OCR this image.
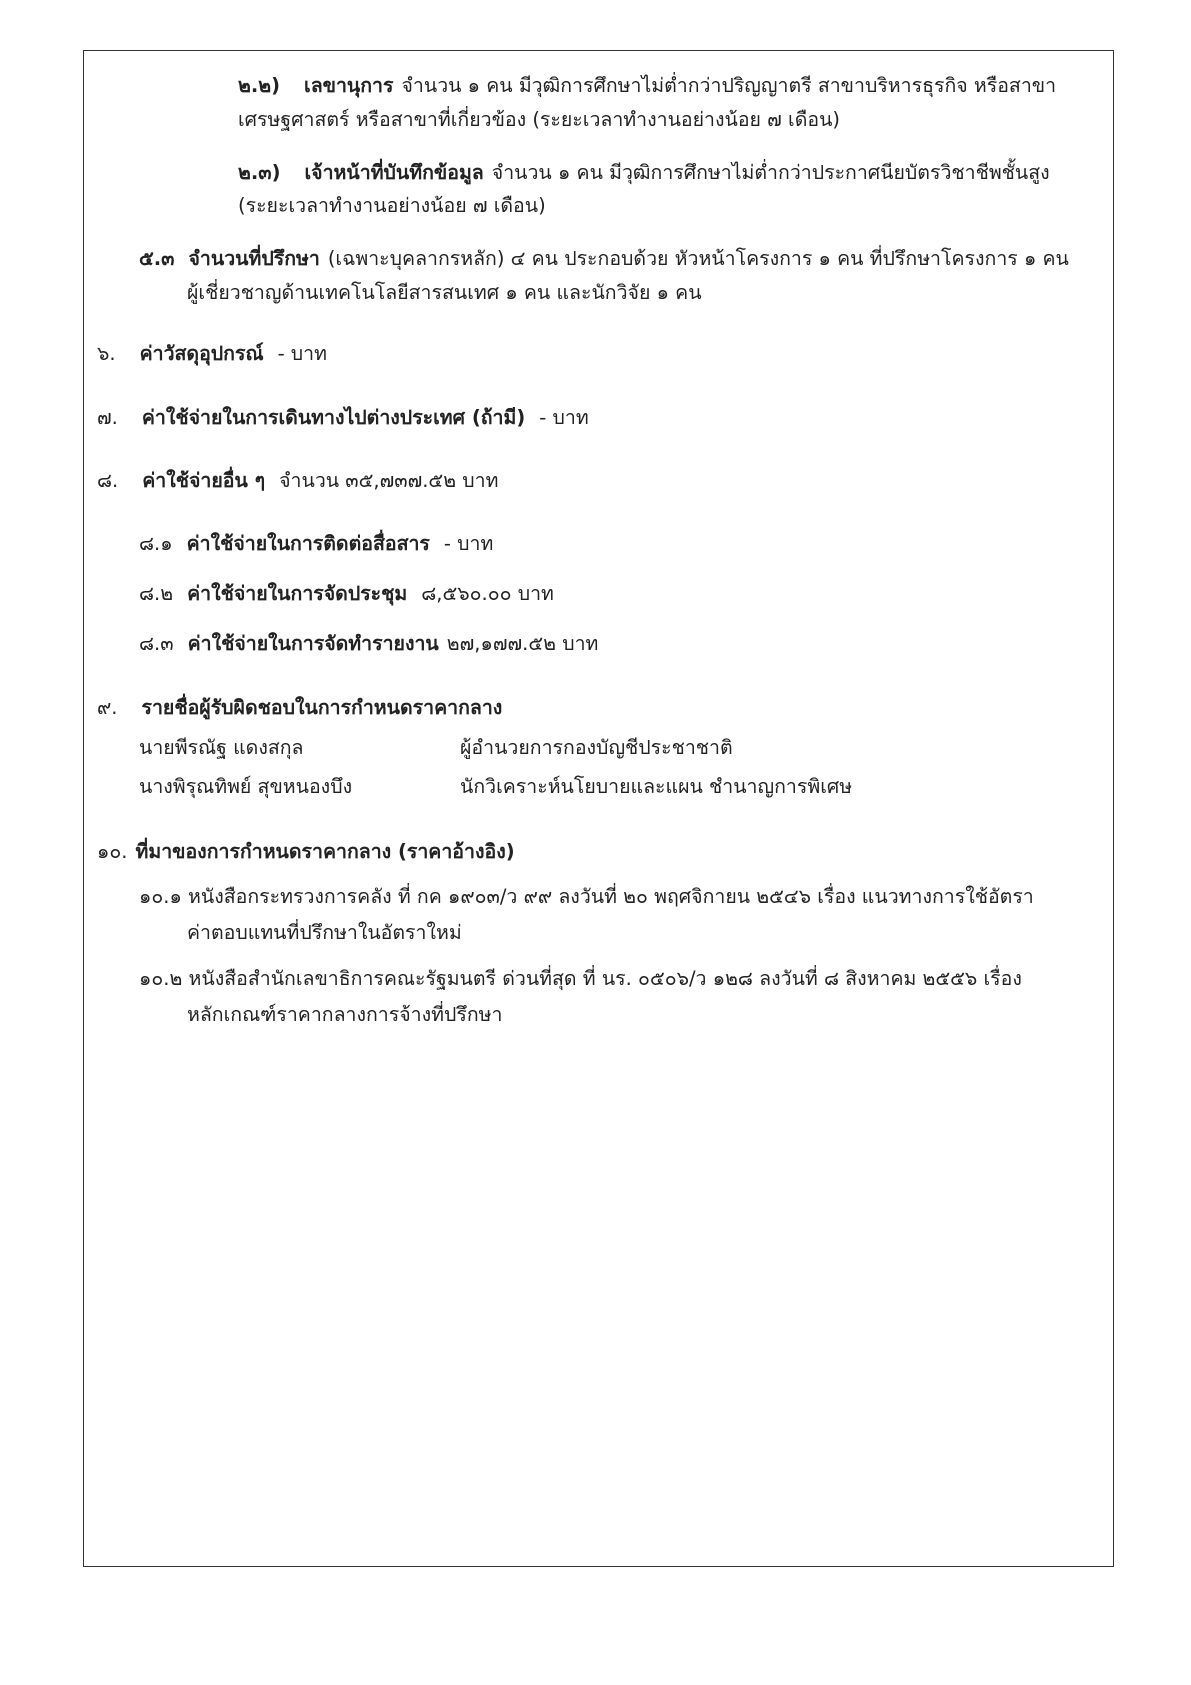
๒.๒) เลขานุการ จำนวน ๑ คน มีวุฒิการศึกษาไม่ต่ำกว่าปริญญาตรี สาขาบริหารธุรกิจ หรือสาขา
เศรษฐศาสตร์ หรือสาขาที่เกี่ยวข้อง (ระยะเวลาทำงานอย่างน้อย ๗ เดือน)
๒.๓) เจ้าหน้าที่บันทึกข้อมูล จำนวน ๑ คน มีวุฒิการศึกษาไม่ต่ำกว่าประกาศนียบัตรวิชาชีพชั้นสูง
(ระยะเวลาทำงานอย่างน้อย ๗ เดือน)
๕.๓ จำนวนที่ปรึกษา (เฉพาะบุคลากรหลัก) ๔ คน ประกอบด้วย หัวหน้าโครงการ ๑ คน ที่ปรึกษาโครงการ ๑ คน
ผู้เชี่ยวชาญด้านเทคโนโลยีสารสนเทศ ๑ คน และนักวิจัย ๑ คน
๖. ค่าวัสดุอุปกรณ์ - บาท
๗. ค่าใช้จ่ายในการเดินทางไปต่างประเทศ (ถ้ามี) - บาท
๘. ค่าใช้จ่ายอื่น ๆ จำนวน ๓๕,๗๓๗.๕๒ บาท
๘.๑ ค่าใช้จ่ายในการติดต่อสื่อสาร - บาท
๘.๒ ค่าใช้จ่ายในการจัดประชุม ๘,๕๖๐.๐๐ บาท
๘.๓ ค่าใช้จ่ายในการจัดทำรายงาน ๒๗,๑๗๗.๕๒ บาท
๙. รายชื่อผู้รับผิดชอบในการกำหนดราคากลาง
นายพีรณัฐ แดงสกุล	ผู้อำนวยการกองบัญชีประชาชาติ
นางพิรุณทิพย์ สุขหนองบึง	นักวิเคราะห์นโยบายและแผน ชำนาญการพิเศษ
๑๐. ที่มาของการกำหนดราคากลาง (ราคาอ้างอิง)
๑๐.๑ หนังสือกระทรวงการคลัง ที่ กค ๑๙๐๓/ว ๙๙ ลงวันที่ ๒๐ พฤศจิกายน ๒๕๔๖ เรื่อง แนวทางการใช้อัตรา
ค่าตอบแทนที่ปรึกษาในอัตราใหม่
๑๐.๒ หนังสือสำนักเลขาธิการคณะรัฐมนตรี ด่วนที่สุด ที่ นร. ๐๕๐๖/ว ๑๒๘ ลงวันที่ ๘ สิงหาคม ๒๕๕๖ เรื่อง
หลักเกณฑ์ราคากลางการจ้างที่ปรึกษา
